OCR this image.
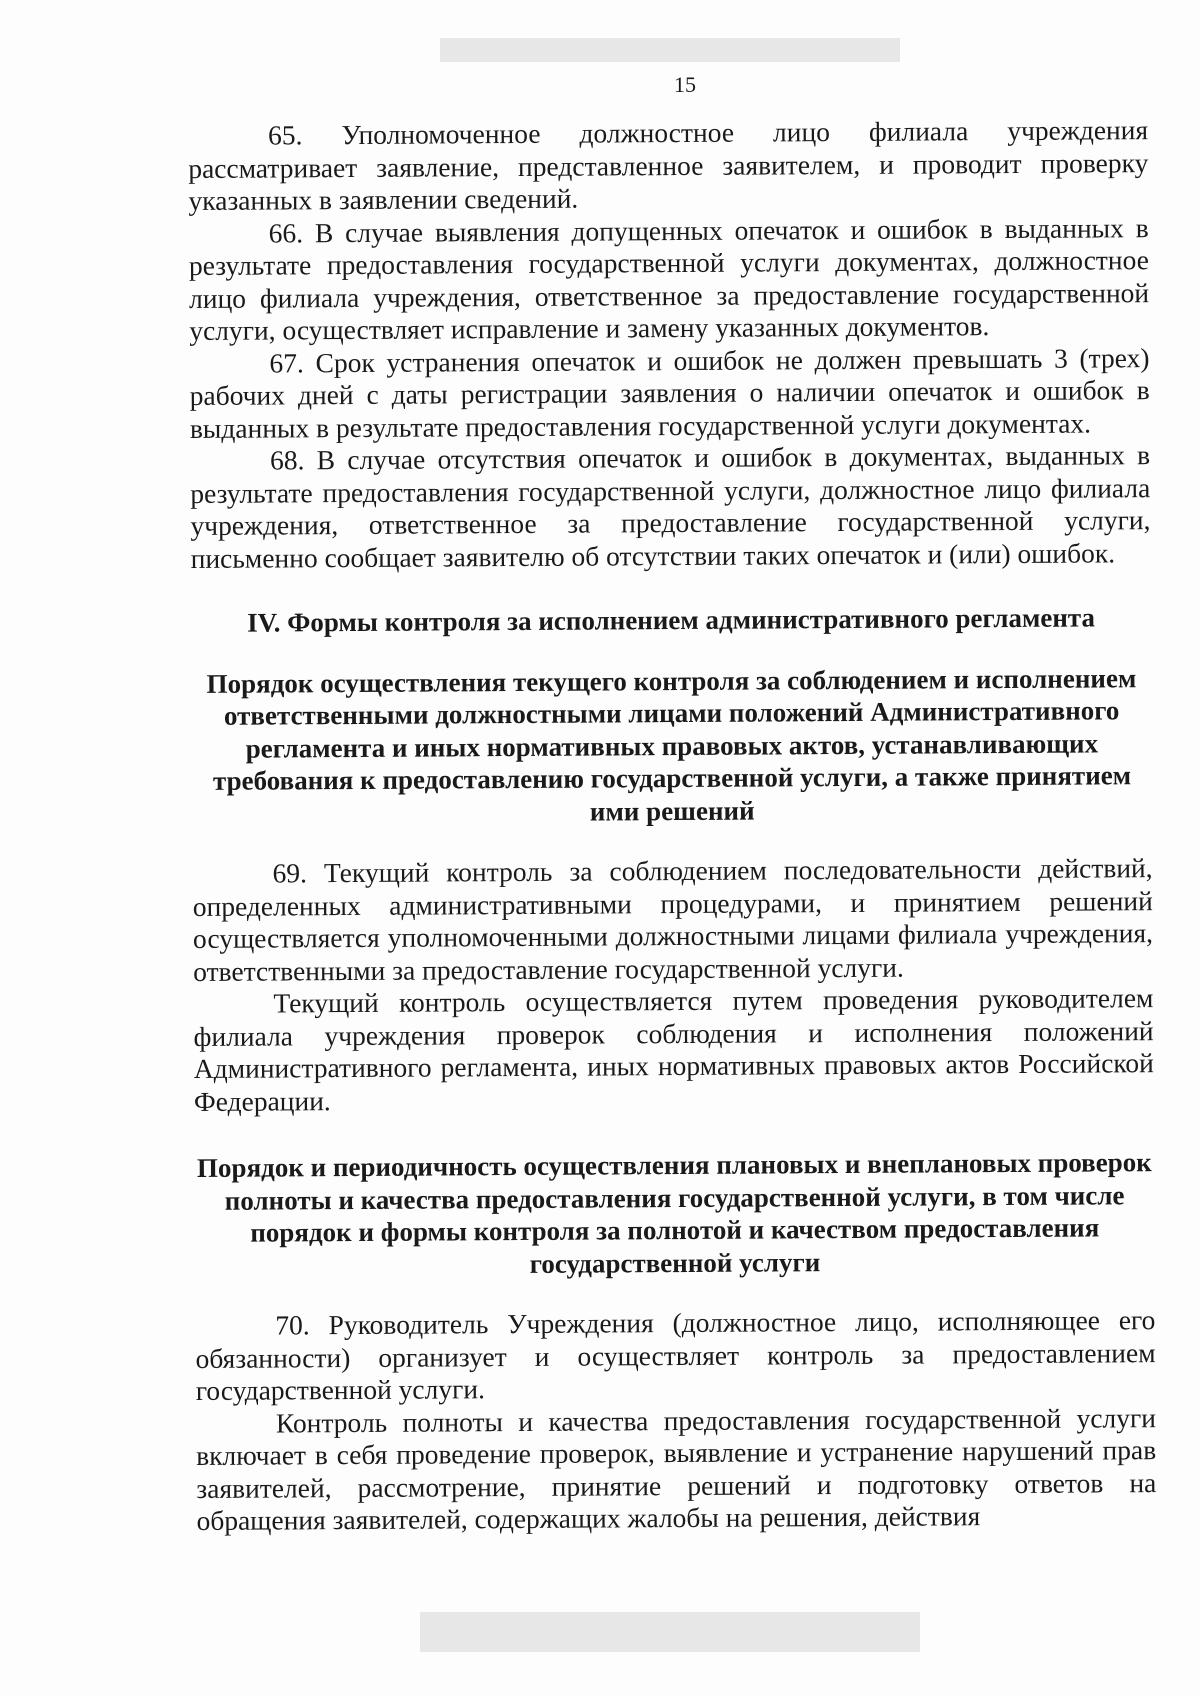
15

65. Уполномоченное должностное лицо филиала учреждения рассматривает заявление, представленное заявителем, и проводит проверку указанных в заявлении сведений.

66. В случае выявления допущенных опечаток и ошибок в выданных в результате предоставления государственной услуги документах, должностное лицо филиала учреждения, ответственное за предоставление государственной услуги, осуществляет исправление и замену указанных документов.

67. Срок устранения опечаток и ошибок не должен превышать 3 (трех) рабочих дней с даты регистрации заявления о наличии опечаток и ошибок в выданных в результате предоставления государственной услуги документах.

68. В случае отсутствия опечаток и ошибок в документах, выданных в результате предоставления государственной услуги, должностное лицо филиала учреждения, ответственное за предоставление государственной услуги, письменно сообщает заявителю об отсутствии таких опечаток и (или) ошибок.

IV. Формы контроля за исполнением административного регламента
Порядок осуществления текущего контроля за соблюдением и исполнением ответственными должностными лицами положений Административного регламента и иных нормативных правовых актов, устанавливающих требования к предоставлению государственной услуги, а также принятием ими решений

69. Текущий контроль за соблюдением последовательности действий, определенных административными процедурами, и принятием решений осуществляется уполномоченными должностными лицами филиала учреждения, ответственными за предоставление государственной услуги.

Текущий контроль осуществляется путем проведения руководителем филиала учреждения проверок соблюдения и исполнения положений Административного регламента, иных нормативных правовых актов Российской Федерации.

Порядок и периодичность осуществления плановых и внеплановых проверок полноты и качества предоставления государственной услуги, в том числе порядок и формы контроля за полнотой и качеством предоставления государственной услуги

70. Руководитель Учреждения (должностное лицо, исполняющее его обязанности) организует и осуществляет контроль за предоставлением государственной услуги.

Контроль полноты и качества предоставления государственной услуги включает в себя проведение проверок, выявление и устранение нарушений прав заявителей, рассмотрение, принятие решений и подготовку ответов на обращения заявителей, содержащих жалобы на решения, действия
